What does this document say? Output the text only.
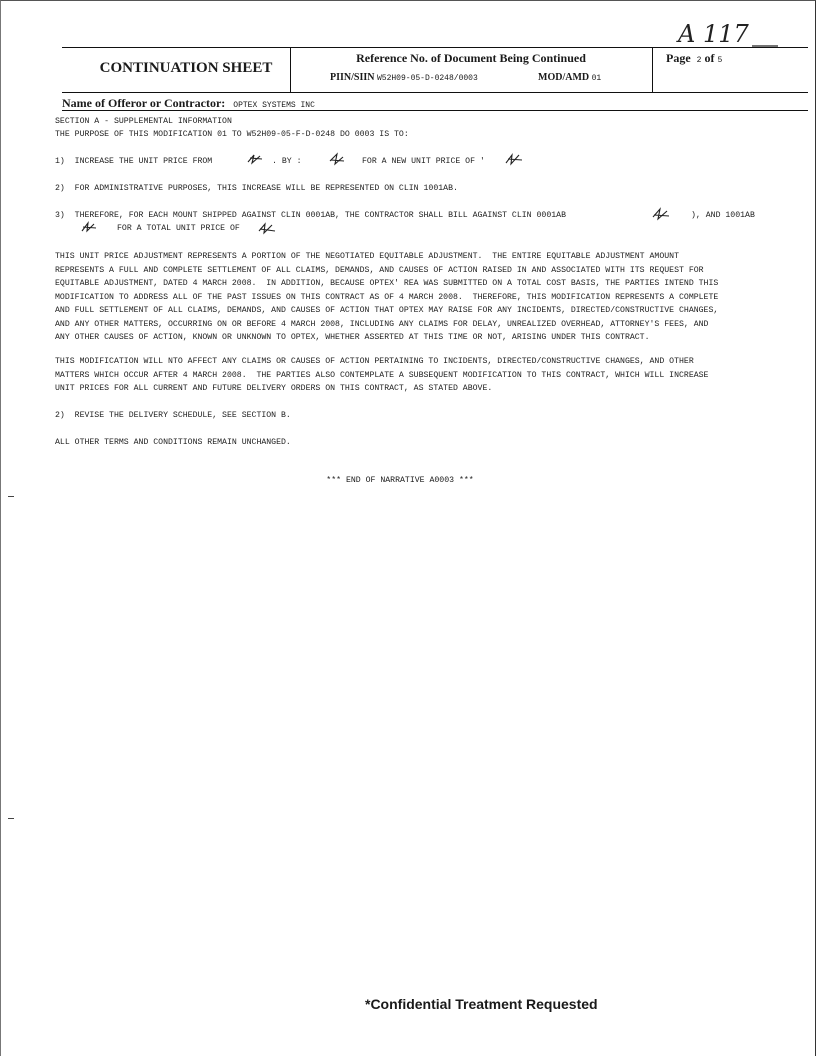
A 117
CONTINUATION SHEET
Reference No. of Document Being Continued
PIIN/SIIN W52H09-05-D-0248/0003	MOD/AMD 01
Page 2 of 5
Name of Offeror or Contractor: OPTEX SYSTEMS INC
SECTION A - SUPPLEMENTAL INFORMATION
THE PURPOSE OF THIS MODIFICATION 01 TO W52H09-05-F-D-0248 DO 0003 IS TO:
1)  INCREASE THE UNIT PRICE FROM	. BY :	FOR A NEW UNIT PRICE OF '
2)  FOR ADMINISTRATIVE PURPOSES, THIS INCREASE WILL BE REPRESENTED ON CLIN 1001AB.
3)  THEREFORE, FOR EACH MOUNT SHIPPED AGAINST CLIN 0001AB, THE CONTRACTOR SHALL BILL AGAINST CLIN 0001AB	), AND 1001AB
FOR A TOTAL UNIT PRICE OF
THIS UNIT PRICE ADJUSTMENT REPRESENTS A PORTION OF THE NEGOTIATED EQUITABLE ADJUSTMENT.  THE ENTIRE EQUITABLE ADJUSTMENT AMOUNT
REPRESENTS A FULL AND COMPLETE SETTLEMENT OF ALL CLAIMS, DEMANDS, AND CAUSES OF ACTION RAISED IN AND ASSOCIATED WITH ITS REQUEST FOR
EQUITABLE ADJUSTMENT, DATED 4 MARCH 2008.  IN ADDITION, BECAUSE OPTEX' REA WAS SUBMITTED ON A TOTAL COST BASIS, THE PARTIES INTEND THIS
MODIFICATION TO ADDRESS ALL OF THE PAST ISSUES ON THIS CONTRACT AS OF 4 MARCH 2008.  THEREFORE, THIS MODIFICATION REPRESENTS A COMPLETE
AND FULL SETTLEMENT OF ALL CLAIMS, DEMANDS, AND CAUSES OF ACTION THAT OPTEX MAY RAISE FOR ANY INCIDENTS, DIRECTED/CONSTRUCTIVE CHANGES,
AND ANY OTHER MATTERS, OCCURRING ON OR BEFORE 4 MARCH 2008, INCLUDING ANY CLAIMS FOR DELAY, UNREALIZED OVERHEAD, ATTORNEY'S FEES, AND
ANY OTHER CAUSES OF ACTION, KNOWN OR UNKNOWN TO OPTEX, WHETHER ASSERTED AT THIS TIME OR NOT, ARISING UNDER THIS CONTRACT.
THIS MODIFICATION WILL NTO AFFECT ANY CLAIMS OR CAUSES OF ACTION PERTAINING TO INCIDENTS, DIRECTED/CONSTRUCTIVE CHANGES, AND OTHER
MATTERS WHICH OCCUR AFTER 4 MARCH 2008.  THE PARTIES ALSO CONTEMPLATE A SUBSEQUENT MODIFICATION TO THIS CONTRACT, WHICH WILL INCREASE
UNIT PRICES FOR ALL CURRENT AND FUTURE DELIVERY ORDERS ON THIS CONTRACT, AS STATED ABOVE.
2)  REVISE THE DELIVERY SCHEDULE, SEE SECTION B.
ALL OTHER TERMS AND CONDITIONS REMAIN UNCHANGED.
*** END OF NARRATIVE A0003 ***
*Confidential Treatment Requested
